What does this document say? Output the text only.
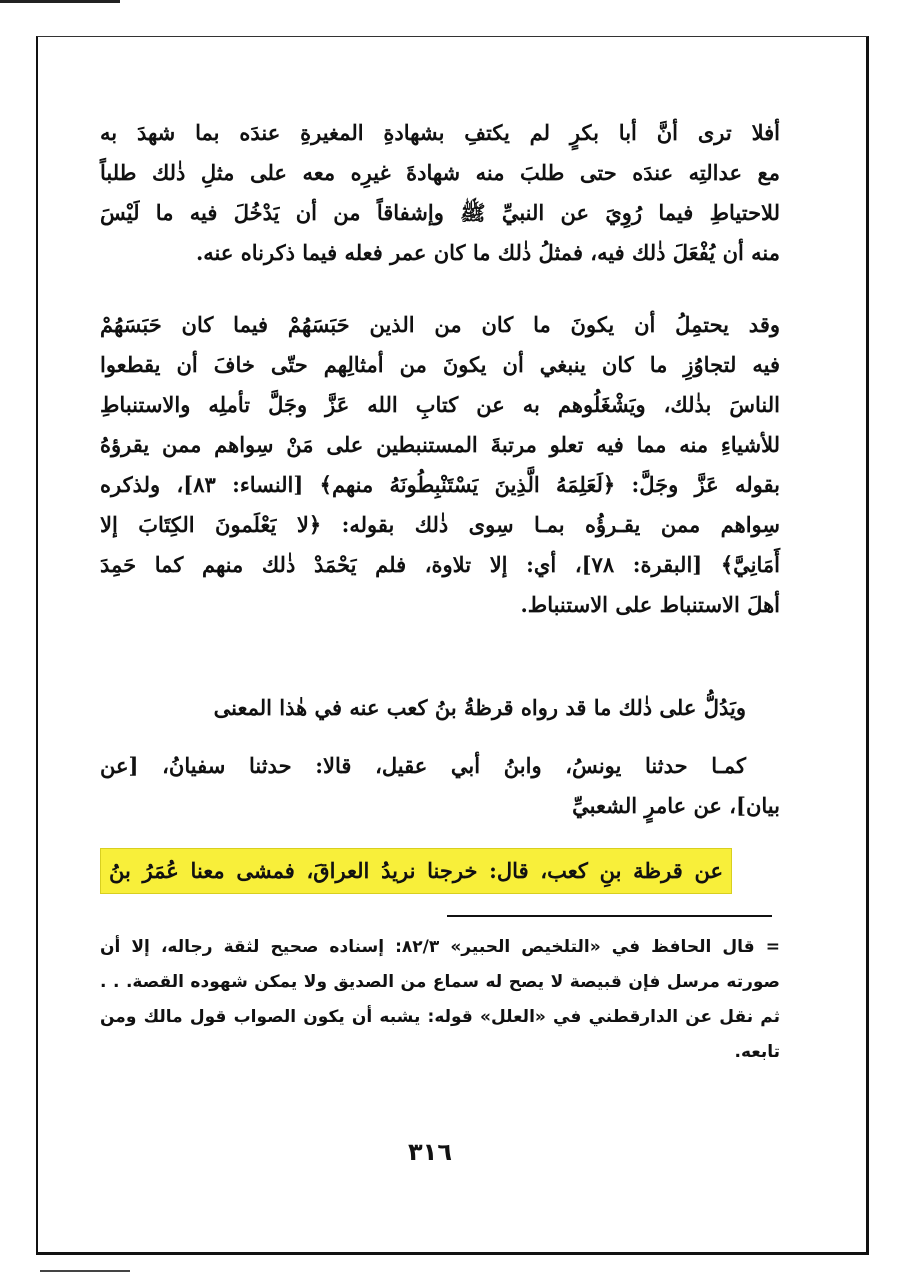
أفلا ترى أنَّ أبا بكرٍ لم يكتفِ بشهادةِ المغيرةِ عندَه بما شهدَ به
مع عدالتِه عندَه حتى طلبَ منه شهادةَ غيرِه معه على مثلِ ذٰلك طلباً
للاحتياطِ فيما رُوِيَ عن النبيِّ ﷺ وإشفاقاً من أن يَدْخُلَ فيه ما لَيْسَ
منه أن يُفْعَلَ ذٰلك فيه، فمثلُ ذٰلك ما كان عمر فعله فيما ذكرناه عنه.
وقد يحتمِلُ أن يكونَ ما كان من الذين حَبَسَهُمْ فيما كان حَبَسَهُمْ
فيه لتجاوُزِ ما كان ينبغي أن يكونَ من أمثالِهم حتّى خافَ أن يقطعوا
الناسَ بذٰلك، ويَشْغَلُوهم به عن كتابِ الله عَزَّ وجَلَّ تأملِه والاستنباطِ
للأشياءِ منه مما فيه تعلو مرتبةَ المستنبطين على مَنْ سِواهم ممن يقرؤهُ
بقوله عَزَّ وجَلَّ: ﴿لَعَلِمَهُ الَّذِينَ يَسْتَنْبِطُونَهُ منهم﴾ [النساء: ٨٣]، ولذكره
سِواهم ممن يقـرؤُه بمـا سِوى ذٰلك بقوله: ﴿لا يَعْلَمونَ الكِتَابَ إلا
أَمَانِيَّ﴾ [البقرة: ٧٨]، أي: إلا تلاوة، فلم يَحْمَدْ ذٰلك منهم كما حَمِدَ
أهلَ الاستنباط على الاستنباط.
ويَدُلُّ على ذٰلك ما قد رواه قرظةُ بنُ كعب عنه في هٰذا المعنى
كمـا حدثنا يونسُ، وابنُ أبي عقيل، قالا: حدثنا سفيانُ، [عن
بيان]، عن عامرٍ الشعبيِّ
عن قرظة بنِ كعب، قال: خرجنا نريدُ العراقَ، فمشى معنا عُمَرُ بنُ
= قال الحافظ في «التلخيص الحبير» ٨٢/٣: إسناده صحيح لثقة رجاله، إلا أن
صورته مرسل فإن قبيصة لا يصح له سماع من الصديق ولا يمكن شهوده القصة. . .
ثم نقل عن الدارقطني في «العلل» قوله: يشبه أن يكون الصواب قول مالك ومن
تابعه.
٣١٦
